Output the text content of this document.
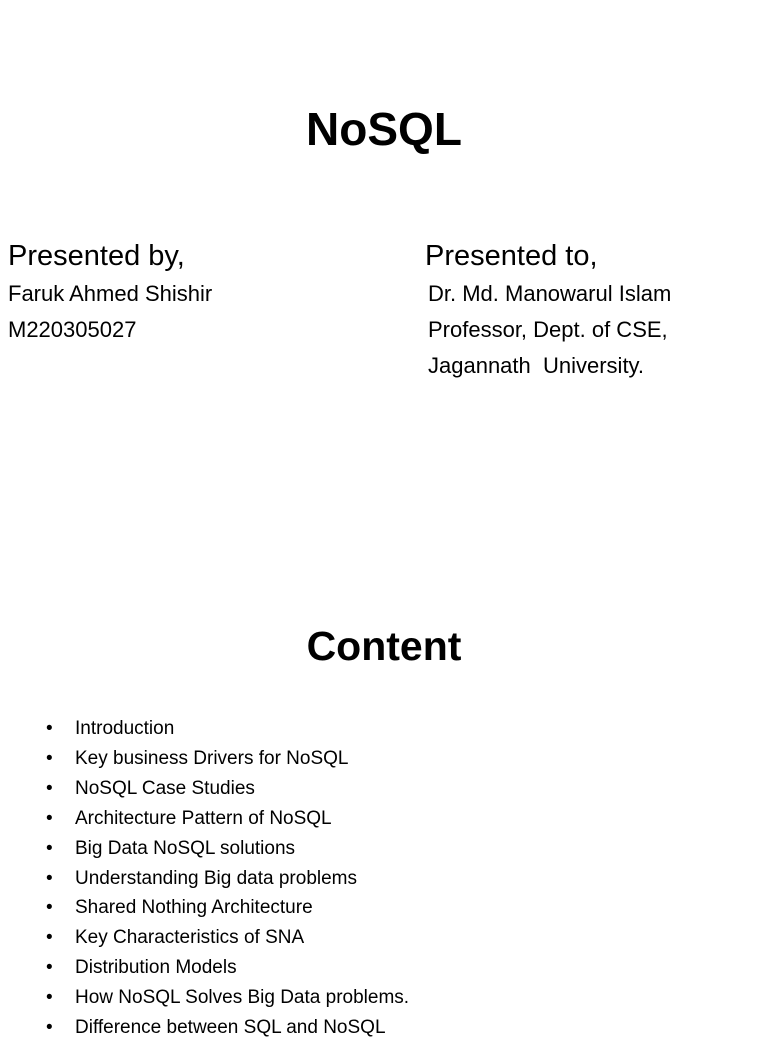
NoSQL

Presented by,

Faruk Ahmed Shishir

M220305027

Presented to,

Dr. Md. Manowarul Islam

Professor, Dept. of CSE,

Jagannath  University.

Content
• Introduction
• Key business Drivers for NoSQL
• NoSQL Case Studies
• Architecture Pattern of NoSQL
• Big Data NoSQL solutions
• Understanding Big data problems
• Shared Nothing Architecture
• Key Characteristics of SNA
• Distribution Models
• How NoSQL Solves Big Data problems.
• Difference between SQL and NoSQL
